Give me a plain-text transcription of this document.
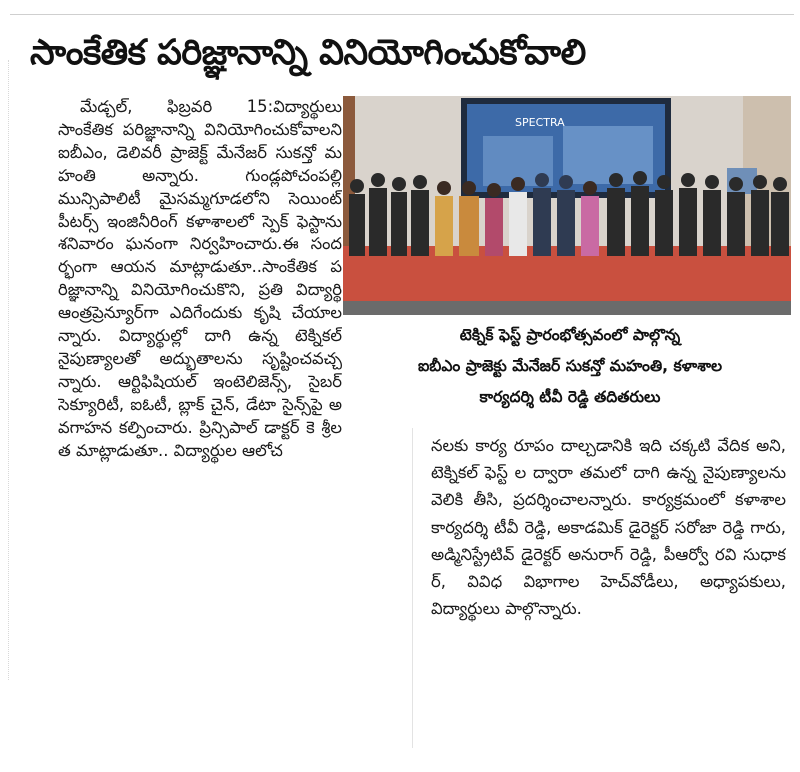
సాంకేతిక పరిజ్ఞానాన్ని వినియోగించుకోవాలి

మేడ్చల్, ఫిబ్రవరి 15:విద్యార్థులు సాంకేతిక పరిజ్ఞానాన్ని వినియోగించుకోవాలని ఐబీఎం, డెలివరీ ప్రాజెక్ట్ మేనేజర్ సుకన్తో మహంతి అన్నారు. గుండ్లపోచంపల్లి మున్సిపాలిటీ మైసమ్మగూడలోని సెయింట్ పీటర్స్ ఇంజినీరింగ్ కళాశాలలో స్పెక్ ఫెస్టాను శనివారం ఘనంగా నిర్వహించారు.ఈ సందర్భంగా ఆయన మాట్లాడుతూ..సాంకేతిక పరిజ్ఞానాన్ని వినియోగించుకొని, ప్రతి విద్యార్థి ఆంత్రప్రెన్యూర్‌గా ఎదిగేందుకు కృషి చేయాలన్నారు. విద్యార్థుల్లో దాగి ఉన్న టెక్నికల్ నైపుణ్యాలతో అద్భుతాలను సృష్టించవచ్చన్నారు. ఆర్టిఫిషియల్ ఇంటెలిజెన్స్, సైబర్ సెక్యూరిటీ, ఐఓటీ, బ్లాక్ చైన్, డేటా సైన్స్‌పై అవగాహన కల్పించారు. ప్రిన్సిపాల్ డాక్టర్ కె శ్రీలత మాట్లాడుతూ.. విద్యార్థుల ఆలోచ

SPECTRA
టెక్నిక్ ఫెస్ట్ ప్రారంభోత్సవంలో పాల్గొన్న
ఐబీఎం ప్రాజెక్టు మేనేజర్ సుకన్తో మహంతి, కళాశాల
కార్యదర్శి టీవీ రెడ్డి తదితరులు

నలకు కార్య రూపం దాల్చడానికి ఇది చక్కటి వేదిక అని, టెక్నికల్ ఫెస్ట్ ల ద్వారా తమలో దాగి ఉన్న నైపుణ్యాలను వెలికి తీసి, ప్రదర్శించాలన్నారు. కార్యక్రమంలో కళాశాల కార్యదర్శి టీవీ రెడ్డి, అకాడమిక్ డైరెక్టర్ సరోజా రెడ్డి గారు, అడ్మినిస్ట్రేటివ్ డైరెక్టర్ అనురాగ్ రెడ్డి, పీఆర్వో రవి సుధాకర్, వివిధ విభాగాల హెచ్‌వోడీలు, అధ్యాపకులు, విద్యార్థులు పాల్గొన్నారు.
